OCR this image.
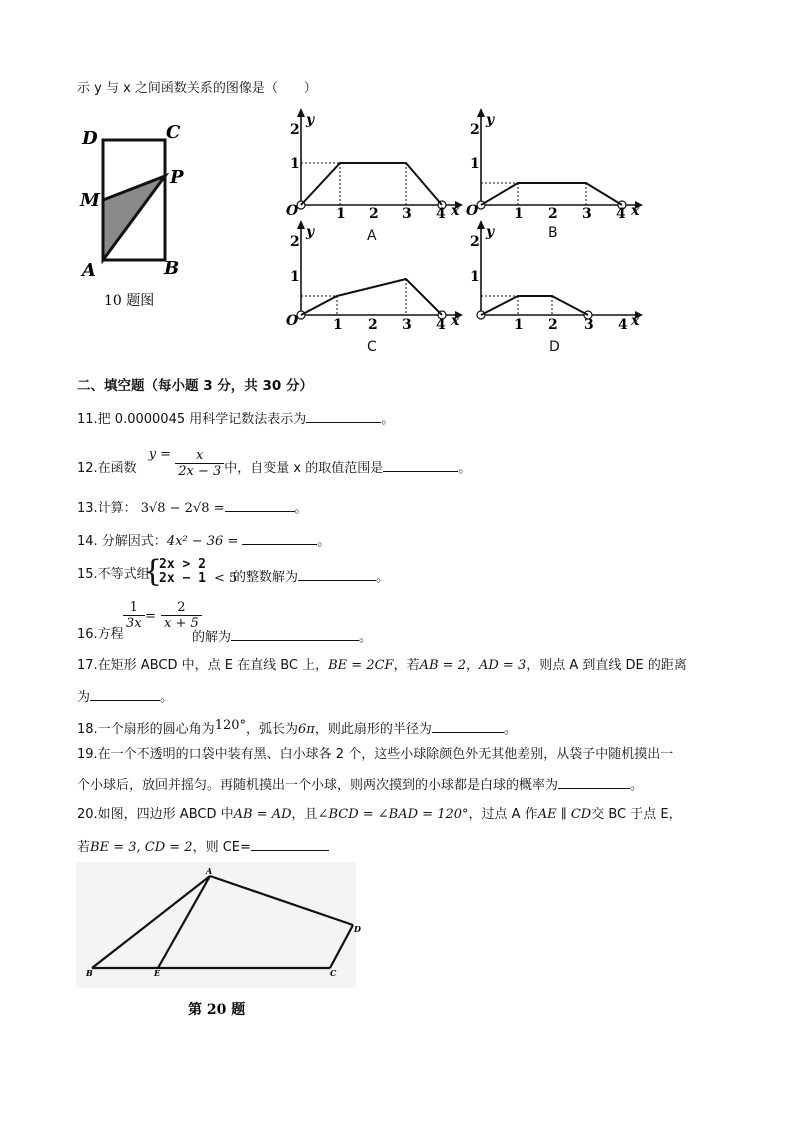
示 y 与 x 之间函数关系的图像是（　　）
D	C
M
P
A	B
10 题图
y
x
O
2
1
1 2 3 4
A
y
x
O
2
1
1 2 3 4
B
y
x
O
2
1
1 2 3 4
C
y
x
2
1
1 2 3 4
D
二、填空题（每小题 3 分，共 30 分）
11.把 0.0000045 用科学记数法表示为	。
12.在函数$y = \frac{x}{2x - 3}$ 中，自变量 x 的取值范围是	。
13.计算： 3√8 − 2√8 =	。
14. 分解因式：4x² − 36 =	。
15.不等式组
{
2x > 2
2x − 1 < 5
的整数解为	。
$\frac{1}{3x} = \frac{2}{x + 5}$
16.方程	的解为	。
17.在矩形 ABCD 中，点 E 在直线 BC 上，BE = 2CF，若AB = 2，AD = 3，则点 A 到直线 DE 的距离
为	。
18.一个扇形的圆心角为120°，弧长为6π，则此扇形的半径为	。
19.在一个不透明的口袋中装有黑、白小球各 2 个，这些小球除颜色外无其他差别，从袋子中随机摸出一
个小球后，放回并摇匀。再随机摸出一个小球，则两次摸到的小球都是白球的概率为	。
20.如图，四边形 ABCD 中AB = AD，且∠BCD = ∠BAD = 120°，过点 A 作AE ∥ CD交 BC 于点 E，
若BE = 3, CD = 2，则 CE=
A
B	E	C
D
第 20 题
